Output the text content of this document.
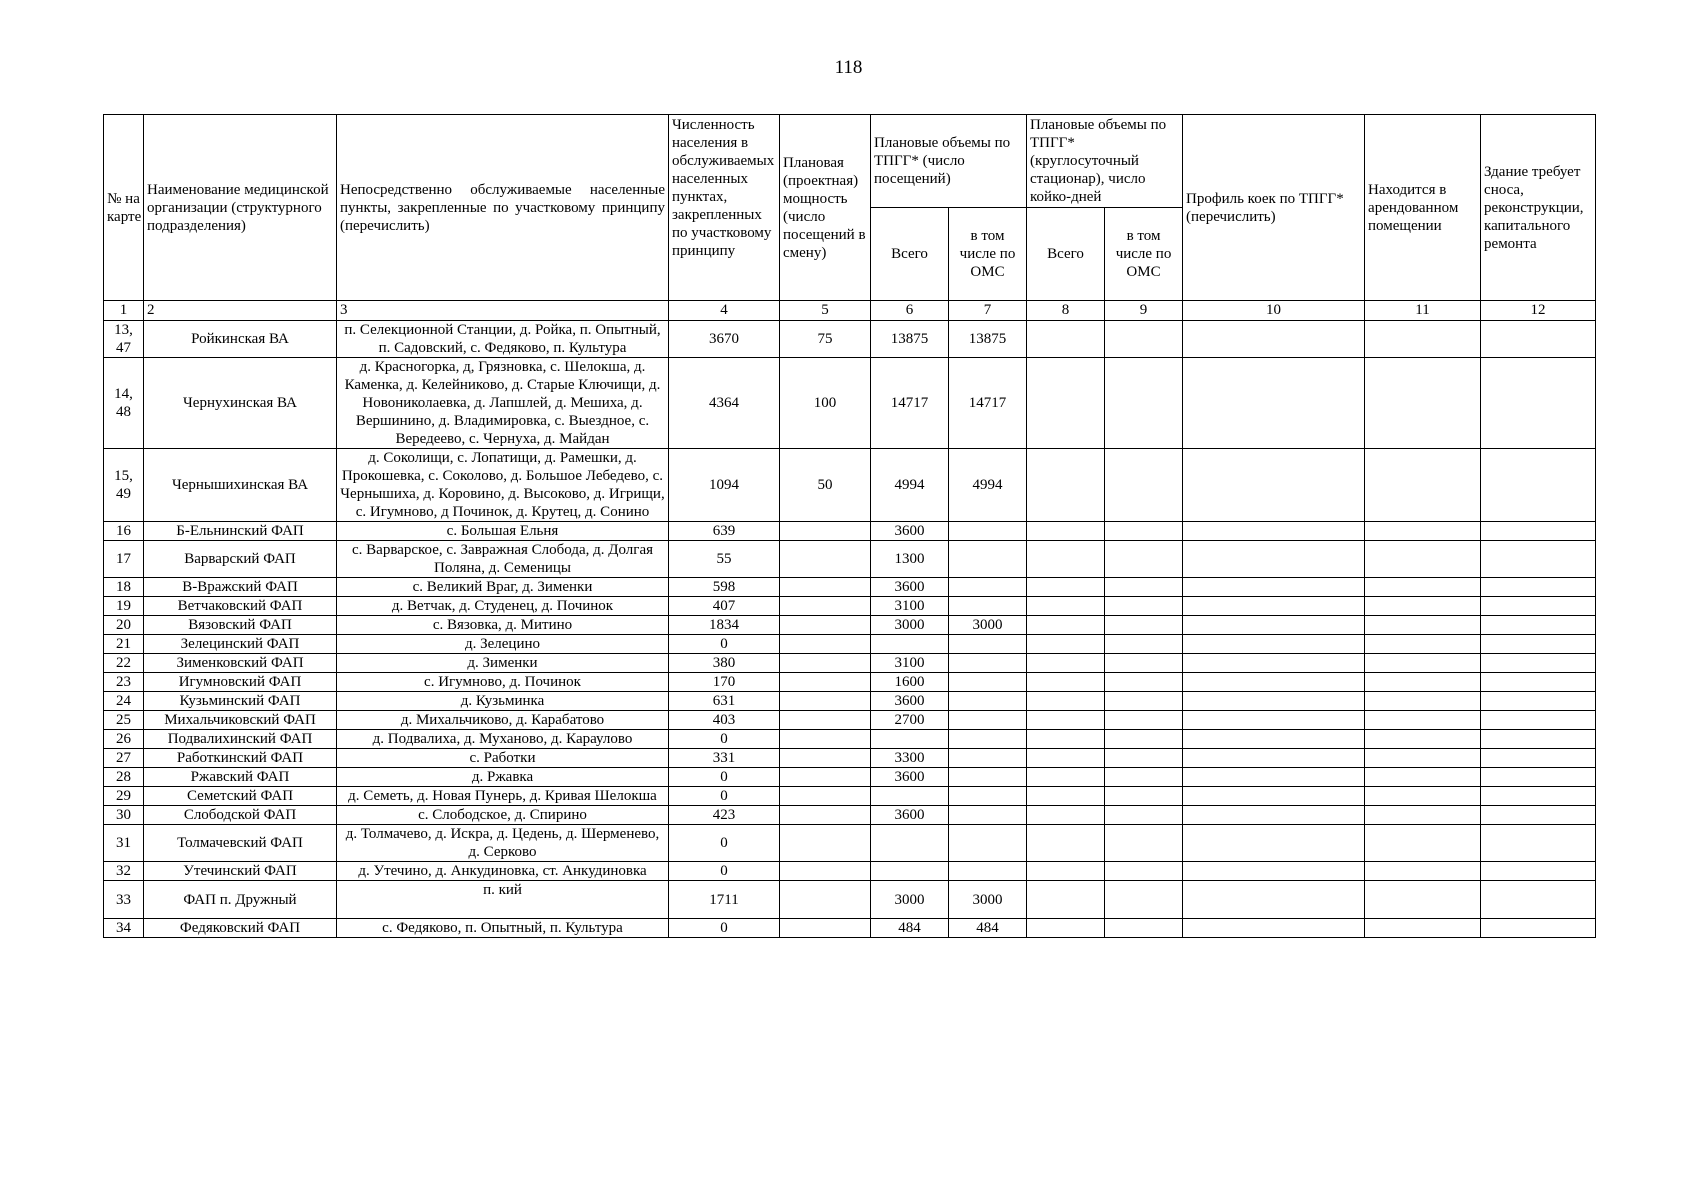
118
№ на карте	Наименование медицинской организации (структурного подразделения)	Непосредственно обслуживаемые населенные пункты, закрепленные по участковому принципу (перечислить)	Численность населения в обслуживаемых населенных пунктах, закрепленных по участковому принципу	Плановая (проектная) мощность (число посещений в смену)	Плановые объемы по ТПГГ* (число посещений)		Плановые объемы по ТПГГ* (круглосуточный стационар), число койко-дней		Профиль коек по ТПГГ* (перечислить)	Находится в арендованном помещении	Здание требует сноса, реконструкции, капитального ремонта
					Всего	в том числе по ОМС	Всего	в том числе по ОМС			
1	2	3	4	5	6	7	8	9	10	11	12
13, 47	Ройкинская ВА	п. Селекционной Станции, д. Ройка, п. Опытный, п. Садовский, с. Федяково, п. Культура	3670	75	13875	13875					
14, 48	Чернухинская ВА	д. Красногорка, д, Грязновка, с. Шелокша, д. Каменка, д. Келейниково, д. Старые Ключищи, д. Новониколаевка, д. Лапшлей, д. Мешиха, д. Вершинино, д. Владимировка, с. Выездное, с. Вередеево, с. Чернуха, д. Майдан	4364	100	14717	14717					
15, 49	Чернышихинская ВА	д. Соколищи, с. Лопатищи, д. Рамешки, д. Прокошевка, с. Соколово, д. Большое Лебедево, с. Чернышиха, д. Коровино, д. Высоково, д. Игрищи, с. Игумново, д Починок, д. Крутец, д. Сонино	1094	50	4994	4994					
16	Б-Ельнинский ФАП	с. Большая Ельня	639		3600						
17	Варварский ФАП	с. Варварское, с. Завражная Слобода, д. Долгая Поляна, д. Семеницы	55		1300						
18	В-Вражский ФАП	с. Великий Враг, д. Зименки	598		3600						
19	Ветчаковский ФАП	д. Ветчак, д. Студенец, д. Починок	407		3100						
20	Вязовский ФАП	с. Вязовка, д. Митино	1834		3000	3000					
21	Зелецинский ФАП	д. Зелецино	0								
22	Зименковский ФАП	д. Зименки	380		3100						
23	Игумновский ФАП	с. Игумново, д. Починок	170		1600						
24	Кузьминский ФАП	д. Кузьминка	631		3600						
25	Михальчиковский ФАП	д. Михальчиково, д. Карабатово	403		2700						
26	Подвалихинский ФАП	д. Подвалиха, д. Муханово, д. Караулово	0								
27	Работкинский ФАП	с. Работки	331		3300						
28	Ржавский ФАП	д. Ржавка	0		3600						
29	Семетский ФАП	д. Семеть, д. Новая Пунерь, д. Кривая Шелокша	0								
30	Слободской ФАП	с. Слободское, д. Спирино	423		3600						
31	Толмачевский ФАП	д. Толмачево, д. Искра, д. Цедень, д. Шерменево, д. Серково	0								
32	Утечинский ФАП	д. Утечино, д. Анкудиновка, ст. Анкудиновка	0								
33	ФАП п. Дружный	п. кий	1711		3000	3000					
34	Федяковский ФАП	с. Федяково, п. Опытный, п. Культура	0		484	484					
